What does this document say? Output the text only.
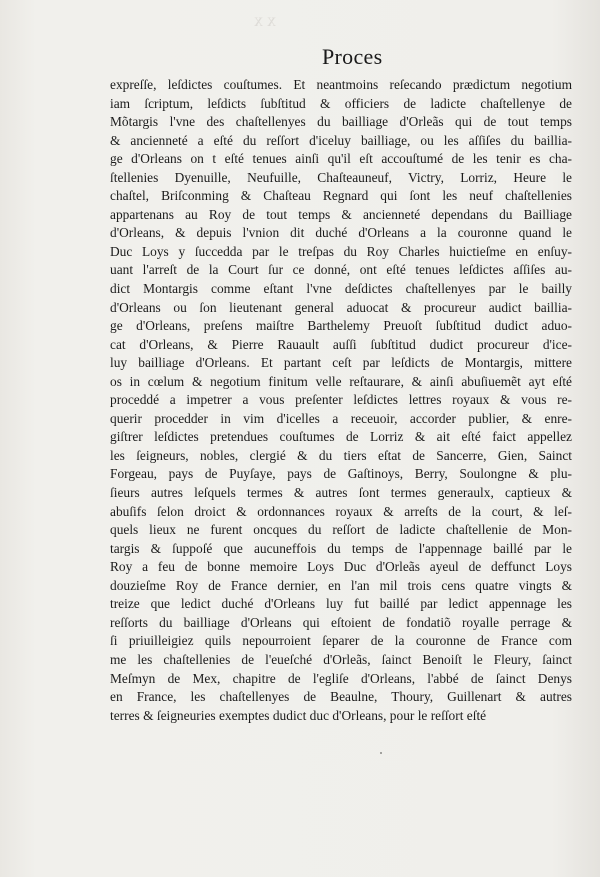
xx
Proces
expreſſe, leſdictes couſtumes. Et neantmoins reſecando prædictum negotium
iam ſcriptum, leſdicts ſubſtitud & officiers de ladicte chaſtellenye de
Mõtargis l'vne des chaſtellenyes du bailliage d'Orleãs qui de tout temps
& ancienneté a eſté du reſſort d'iceluy bailliage, ou les aſſiſes du baillia-
ge d'Orleans on t eſté tenues ainſi qu'il eſt accouſtumé de les tenir es cha-
ſtellenies Dyenuille, Neufuille, Chaſteauneuf, Victry, Lorriz, Heure le
chaſtel, Briſconming & Chaſteau Regnard qui ſont les neuf chaſtellenies
appartenans au Roy de tout temps & ancienneté dependans du Bailliage
d'Orleans, & depuis l'vnion dit duché d'Orleans a la couronne quand le
Duc Loys y ſuccedda par le treſpas du Roy Charles huictieſme en enſuy-
uant l'arreſt de la Court ſur ce donné, ont eſté tenues leſdictes aſſiſes au-
dict Montargis comme eſtant l'vne deſdictes chaſtellenyes par le bailly
d'Orleans ou ſon lieutenant general aduocat & procureur audict baillia-
ge d'Orleans, preſens maiſtre Barthelemy Preuoſt ſubſtitud dudict aduo-
cat d'Orleans, & Pierre Rauault auſſi ſubſtitud dudict procureur d'ice-
luy bailliage d'Orleans. Et partant ceſt par leſdicts de Montargis, mittere
os in cœlum & negotium finitum velle reſtaurare, & ainſi abuſiuemẽt ayt eſté
proceddé a impetrer a vous preſenter leſdictes lettres royaux & vous re-
querir procedder in vim d'icelles a receuoir, accorder publier, & enre-
giſtrer leſdictes pretendues couſtumes de Lorriz & ait eſté faict appellez
les ſeigneurs, nobles, clergié & du tiers eſtat de Sancerre, Gien, Sainct
Forgeau, pays de Puyſaye, pays de Gaſtinoys, Berry, Soulongne & plu-
ſieurs autres leſquels termes & autres ſont termes generaulx, captieux &
abuſifs ſelon droict & ordonnances royaux & arreſts de la court, & leſ-
quels lieux ne furent oncques du reſſort de ladicte chaſtellenie de Mon-
targis & ſuppoſé que aucuneffois du temps de l'appennage baillé par le
Roy a feu de bonne memoire Loys Duc d'Orleãs ayeul de deffunct Loys
douzieſme Roy de France dernier, en l'an mil trois cens quatre vingts &
treize que ledict duché d'Orleans luy fut baillé par ledict appennage les
reſſorts du bailliage d'Orleans qui eſtoient de fondatiõ royalle perrage &
ſi priuilleigiez quils nepourroient ſeparer de la couronne de France com
me les chaſtellenies de l'eueſché d'Orleãs, ſainct Benoiſt le Fleury, ſainct
Meſmyn de Mex, chapitre de l'egliſe d'Orleans, l'abbé de ſainct Denys
en France, les chaſtellenyes de Beaulne, Thoury, Guillenart & autres
terres & ſeigneuries exemptes dudict duc d'Orleans, pour le reſſort eſté
